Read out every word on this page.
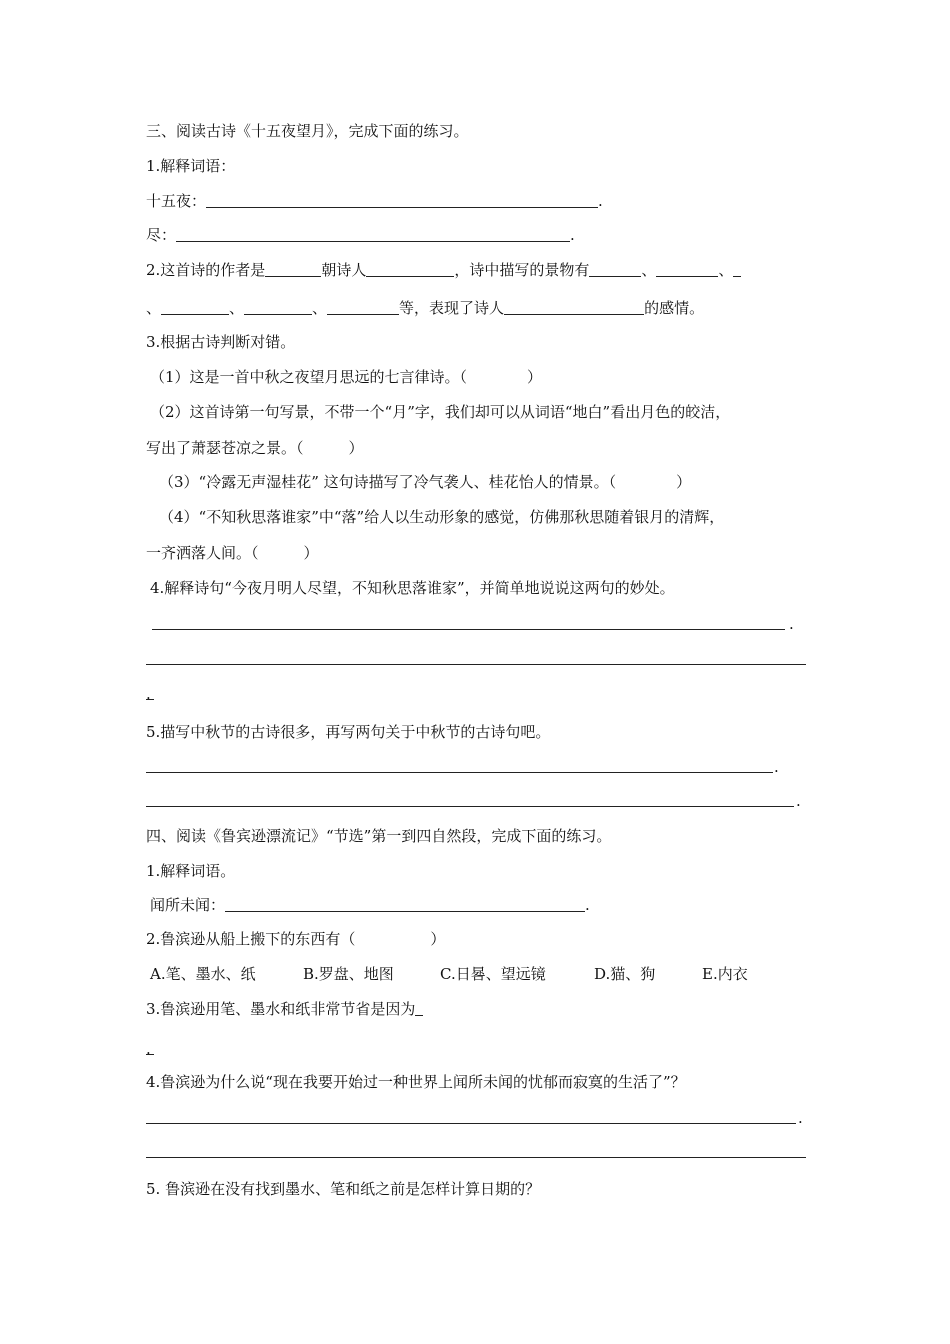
三、阅读古诗《十五夜望月》，完成下面的练习。
1.解释词语：
十五夜：	.
尽：	.
2.这首诗的作者是	朝诗人	，诗中描写的景物有	、	、
、	、	、	等，表现了诗人	的感情。
3.根据古诗判断对错。
（1）这是一首中秋之夜望月思远的七言律诗。（　　　　）
（2）这首诗第一句写景，不带一个“月”字，我们却可以从词语“地白”看出月色的皎洁，
写出了萧瑟苍凉之景。（　　　）
（3）“冷露无声湿桂花” 这句诗描写了冷气袭人、桂花怡人的情景。（　　　　）
（4）“不知秋思落谁家”中“落”给人以生动形象的感觉，仿佛那秋思随着银月的清辉，
一齐洒落人间。（　　　）
4.解释诗句“今夜月明人尽望，不知秋思落谁家”，并简单地说说这两句的妙处。
.
.
5.描写中秋节的古诗很多，再写两句关于中秋节的古诗句吧。
.
.
四、阅读《鲁宾逊漂流记》“节选”第一到四自然段，完成下面的练习。
1.解释词语。
闻所未闻：	.
2.鲁滨逊从船上搬下的东西有（　　　　　）
A.笔、墨水、纸	B.罗盘、地图	C.日晷、望远镜	D.猫、狗	E.内衣
3.鲁滨逊用笔、墨水和纸非常节省是因为
.
4.鲁滨逊为什么说“现在我要开始过一种世界上闻所未闻的忧郁而寂寞的生活了”？
.
5. 鲁滨逊在没有找到墨水、笔和纸之前是怎样计算日期的？
